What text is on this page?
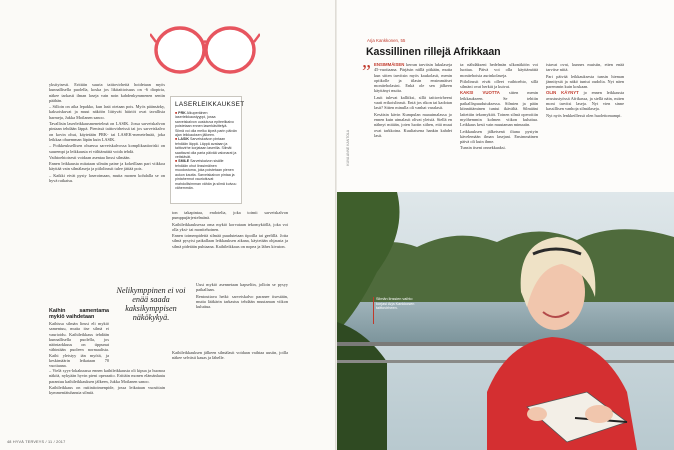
yksityisesti. Erittäin suuria taittovirheitä hoidetaan myös kunnallisella puolella, koska jos likitaittoisuus on -6 dioptria, näkee tarkasti ilman laseja vain noin kahdenkymmenen sentin päähän.

– Silloin on aika lepakko, kun lasit otetaan pois. Myös päänsärky, kaksoiskuvat ja muut näköön liittyvät häiriöt ovat tavallisia harmeja, Jukka Moilanen sanoo.

Tavallisin laserleikkausmenetelmä on LASIK. Jossa sarveiskalvon pintaan tehdään läppä. Pienissä taittovirheissä tai jos sarveiskalvo on kovin ohut, käytetään PRK- tai LASEK-menetelmää, joka leikkaa ohuemman läpän kuin LASIK.

– Poikkeuksellisen ohuessa sarveiskalvossa komplikaatioriski on suurempi ja leikkausta ei välttämättä voida tehdä.

Vaihtoehtoisesti voidaan asentaa linssi silmään.

Ennen leikkausta mitataan silmän paine ja kokeillaan pari viikkoa käyttää vain silmälaseja ja piilolinssit tulee jättää pois.

– Kaikki eivät pysty laseroimaan, mutta monen kohdalla se on hyvä ratkaisu.

Kaihin samentama mykiö vaihdetaan

Kaihissa silmän linssi eli mykiö samentuu, mutta itse silmä ei vaurioidu. Kaihileikkaus tehdään kunnallisella puolella, jos näöntarkkuus on tippunut vähintään puoleen normaalista. Kaihi yleistyy iän myötä, ja keskimäärin leikataan 70 vuotiaana.

– Vielä syys-lokakuussa ennen kaihileikkausta oli kipua ja huonoa näköä, nykyään hyvin pieni operaatio. Erittäin monen elämänlaatu parantuu kaihileikkauksen jälkeen, Jukka Moilanen sanoo.

Kaihileikkaus on rutiinitoimenpide, jossa leikataan vuosittain kymmeniätuhansia silmiä.

LASERLEIKKAUKSET

■ PRK Alkuperäinen laserleikkaustyyppi, jossa sarveiskalvon uusiutuva epiteelikalvo poistetaan ennen laserkäsittelyä. Silmä voi olla melko kipeä parin päivän ajan leikkauksen jälkeen.

■ LASIK Sarveiskalvon pintaan tehdään läppä. Läppä avataan ja taittovirhe korjataan laserilla. Silmät saattavat olla paria päivää valonarat ja vetistävät.

■ SMILE Sarveiskalvon sisälle tehdään ohut linssimäinen muodostuma, joka poistetaan pienen aukon kautta. Sarveiskalvon pintaa ja pintahermot vaurioituvat mahdollisimman vähän ja silmä kuivuu vähemmän.

ton takapintaa, endotelia, joka toimii sarveiskalvon pumppujärjestelmänä.

Kaihileikkauksessa oma mykiö korvataan tekomykiöllä, joka voi olla yksi- tai monitehoinen.

Ennen toimenpidettä silmää puudutetaan tipoilla tai geelillä. Jotta silmä pysyisi paikallaan leikkauksen aikana, käytetään ohjausta ja silmä pidetään puhtaana. Kaihileikkaus on nopea ja lähes kivuton.

Uusi mykiö asennetaan kapseliin, jolloin se pysyy paikallaan.

Rentouttava hetki: sarveiskalvo paranee itsestään, mutta lääkärin tarkastus tehdään muutaman viikon kuluttua.

Kaihileikkauksen jälkeen silmälasit voidaan vaihtaa uusiin, joilla näkee selvästi kauas ja lähelle.

Nelikymppinen ei voi enää saada kaksikymppisen näkökykyä.
48 HYVÄ TERVEYS / 11 / 2017
KUVA ANNE KANTOLA
Arja Kankkonen, 55
Kassillinen rillejä Afrikkaan
” ENSIMMÄISEN kerran tarvitsin lukulaseja 45-vuotiaana. Pärjäsin niillä pitkään, mutta kun sitten tarvitsin myös kaukolasit, menin optikolle ja tilasin ensimmäiset moniteholasini. Enkä ole sen jälkeen käyttänyt muita.

Lasit tulevat kalliiksi, sillä taittovirheeni vaati erikoislinssit. Entä jos rikon tai kadotan lasit? Sitten minulla oli vanhat varalasit.

Kesäisin kävin Kumpulan maauimalassa jo ennen kuin uimalasit olivat yleisiä. Siellä en nähnyt mitään, joten luotin siihen, että muut ovat tarkkoina. Kuuliaisena hankin kahdet lasit.

ta: nähdäkseni hedelmän ulkonäköön voi luottaa. Päivä voi olla käyttämättä monitehoisia aurinkolaseja.

Piilolinssit eivät olleet vaihtoehto, sillä silmäni ovat herkät ja kuivat.

KAKSI VUOTTA sitten menin leikkaukseen. Se tehtiin paikallispuudutuksessa. Silmien ja pään kiinnittäminen tuntui ikävältä. Silmääni laitettiin tekomykiöt. Toinen silmä operoitiin myöhemmin kolmen viikon kuluttua. Leikkaus kesti vain muutaman minuutin.

Leikkauksen jälkeisenä iltana pystyin kävelemään ilman lasejani. Ensimmäinen päivä oli kuin ihme.

Tunsin itseni onnekkaaksi.

istavat ovat, kunnes muistin, etten enää tarvitse niitä.

Pari päivää leikkauksesta tunsin hieman jännitystä ja näkö tuntui oudolta. Nyt näen paremmin kuin koskaan.

OLIN KÄYNYT jo ennen leikkausta avustustyössä Afrikassa, ja siellä näin, miten moni tarvitsi laseja. Nyt vien sinne kassillisen vanhoja silmälaseja.

Nyt nyös lenkkeillessä olen huolettomampi.

Silmän linssien vaihto korjasi Arja Kankkosen taittovirheen.
